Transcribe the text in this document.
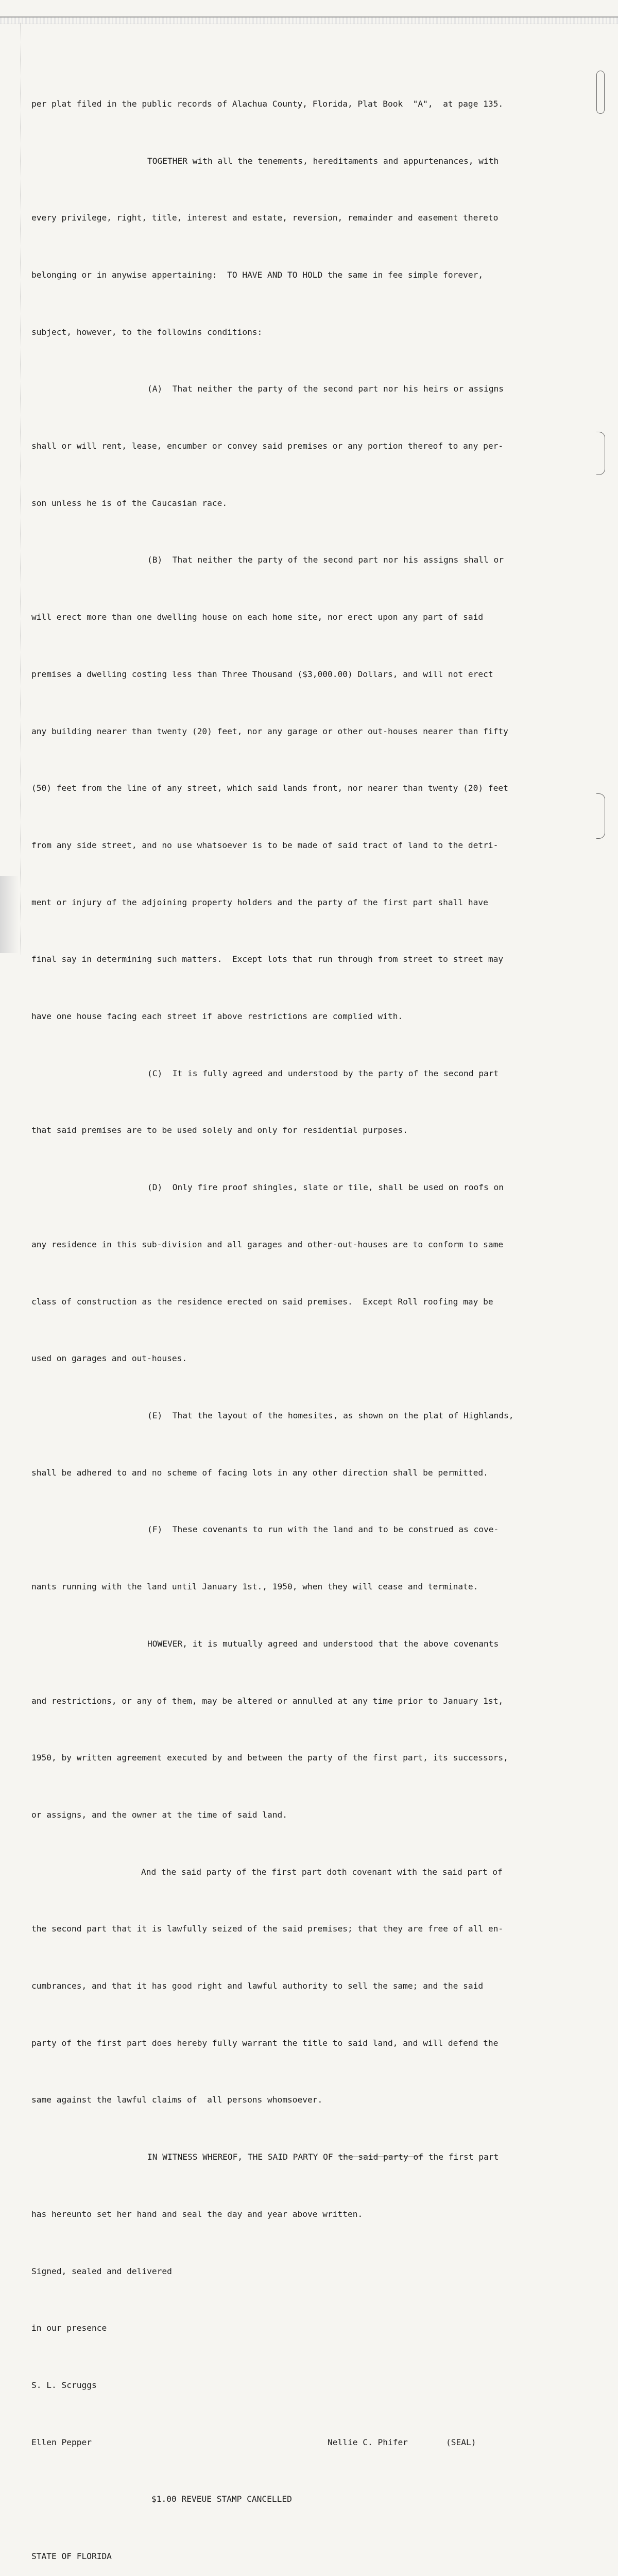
per plat filed in the public records of Alachua County, Florida, Plat Book  "A",  at page 135.

TOGETHER with all the tenements, hereditaments and appurtenances, with

every privilege, right, title, interest and estate, reversion, remainder and easement thereto

belonging or in anywise appertaining:  TO HAVE AND TO HOLD the same in fee simple forever,

subject, however, to the followins conditions:

(A)  That neither the party of the second part nor his heirs or assigns

shall or will rent, lease, encumber or convey said premises or any portion thereof to any per-

son unless he is of the Caucasian race.

(B)  That neither the party of the second part nor his assigns shall or

will erect more than one dwelling house on each home site, nor erect upon any part of said

premises a dwelling costing less than Three Thousand ($3,000.00) Dollars, and will not erect

any building nearer than twenty (20) feet, nor any garage or other out-houses nearer than fifty

(50) feet from the line of any street, which said lands front, nor nearer than twenty (20) feet

from any side street, and no use whatsoever is to be made of said tract of land to the detri-

ment or injury of the adjoining property holders and the party of the first part shall have

final say in determining such matters.  Except lots that run through from street to street may

have one house facing each street if above restrictions are complied with.

(C)  It is fully agreed and understood by the party of the second part

that said premises are to be used solely and only for residential purposes.

(D)  Only fire proof shingles, slate or tile, shall be used on roofs on

any residence in this sub-division and all garages and other-out-houses are to conform to same

class of construction as the residence erected on said premises.  Except Roll roofing may be

used on garages and out-houses.

(E)  That the layout of the homesites, as shown on the plat of Highlands,

shall be adhered to and no scheme of facing lots in any other direction shall be permitted.

(F)  These covenants to run with the land and to be construed as cove-

nants running with the land until January 1st., 1950, when they will cease and terminate.

HOWEVER, it is mutually agreed and understood that the above covenants

and restrictions, or any of them, may be altered or annulled at any time prior to January 1st,

1950, by written agreement executed by and between the party of the first part, its successors,

or assigns, and the owner at the time of said land.

And the said party of the first part doth covenant with the said part of

the second part that it is lawfully seized of the said premises; that they are free of all en-

cumbrances, and that it has good right and lawful authority to sell the same; and the said

party of the first part does hereby fully warrant the title to said land, and will defend the

same against the lawful claims of  all persons whomsoever.

IN WITNESS WHEREOF, THE SAID PARTY OF the said party of the first part

has hereunto set her hand and seal the day and year above written.

Signed, sealed and delivered

in our presence

S. L. Scruggs

Ellen Pepper	Nellie C. Phifer	(SEAL)

$1.00 REVEUE STAMP CANCELLED

STATE OF FLORIDA
